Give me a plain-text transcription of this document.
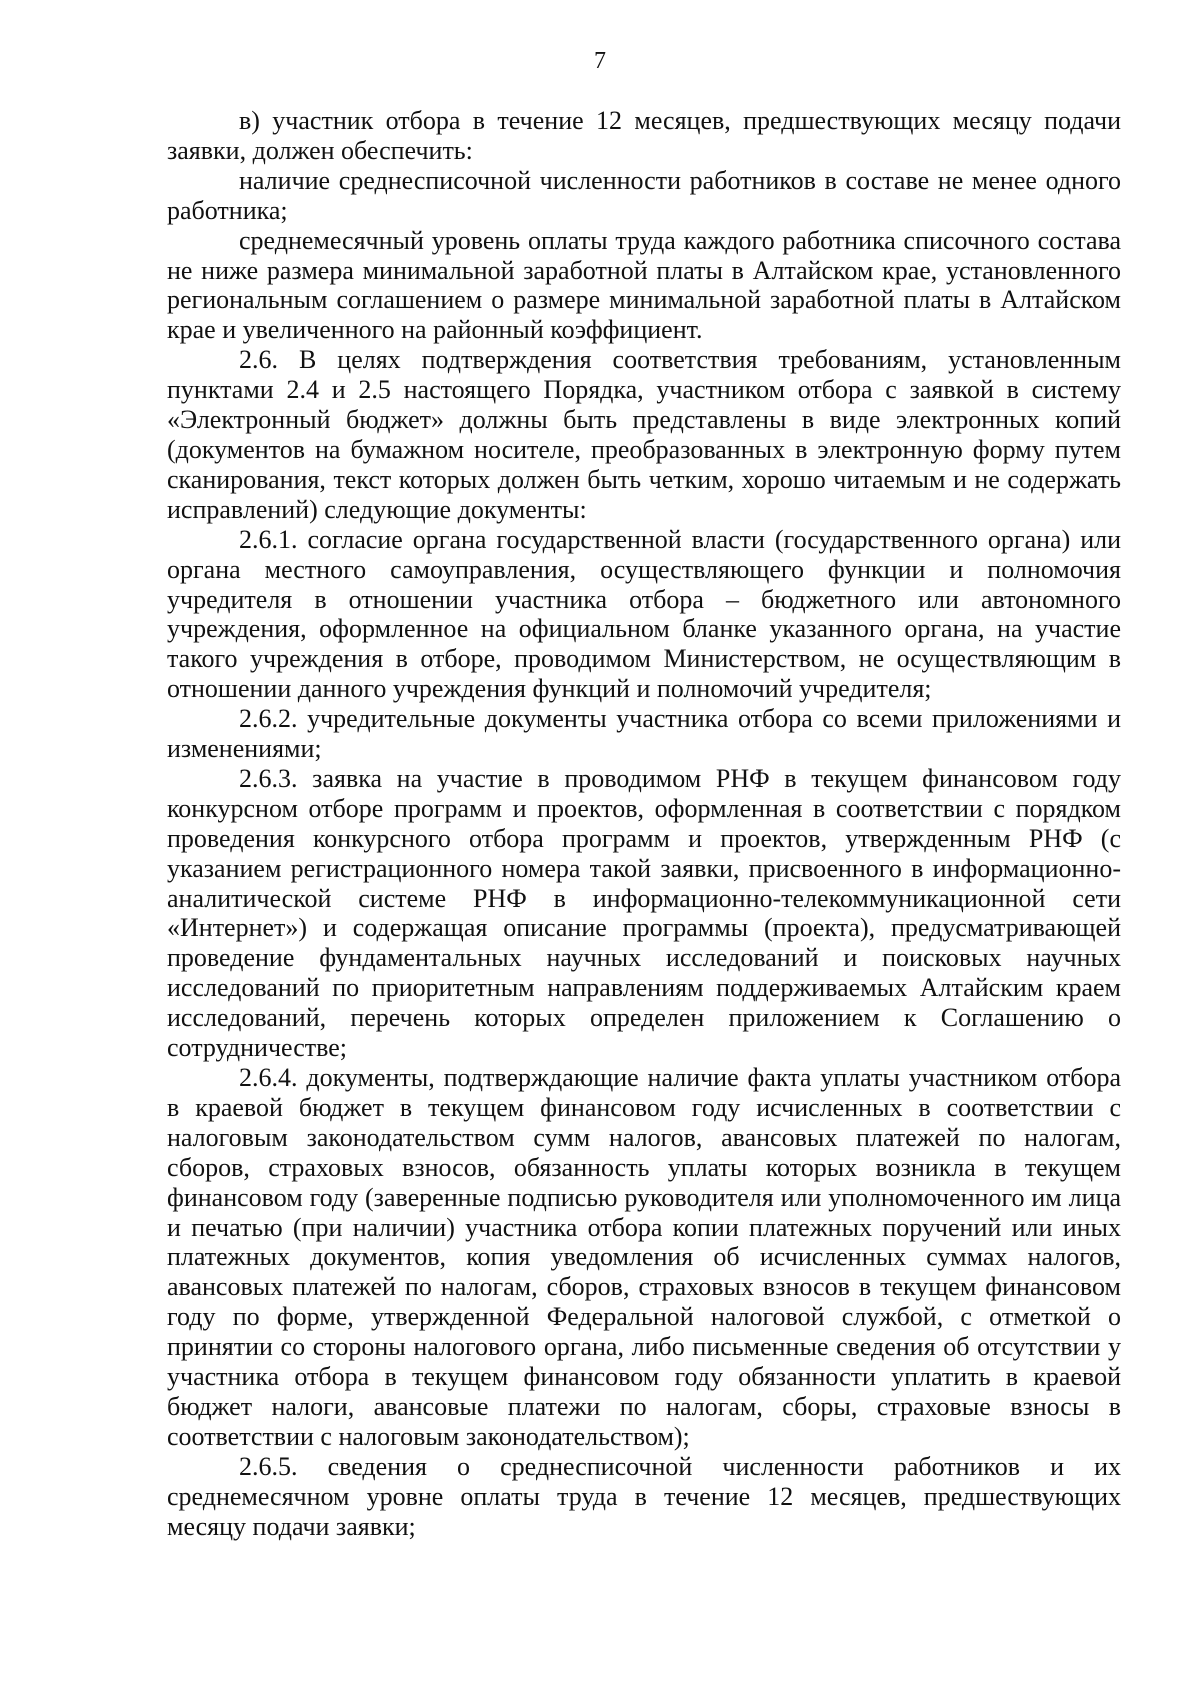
7

в) участник отбора в течение 12 месяцев, предшествующих месяцу подачи заявки, должен обеспечить:

наличие среднесписочной численности работников в составе не менее одного работника;

среднемесячный уровень оплаты труда каждого работника списочного состава не ниже размера минимальной заработной платы в Алтайском крае, установленного региональным соглашением о размере минимальной заработной платы в Алтайском крае и увеличенного на районный коэффициент.

2.6. В целях подтверждения соответствия требованиям, установленным пунктами 2.4 и 2.5 настоящего Порядка, участником отбора с заявкой в систему «Электронный бюджет» должны быть представлены в виде электронных копий (документов на бумажном носителе, преобразованных в электронную форму путем сканирования, текст которых должен быть четким, хорошо читаемым и не содержать исправлений) следующие документы:

2.6.1. согласие органа государственной власти (государственного органа) или органа местного самоуправления, осуществляющего функции и полномочия учредителя в отношении участника отбора – бюджетного или автономного учреждения, оформленное на официальном бланке указанного органа, на участие такого учреждения в отборе, проводимом Министерством, не осуществляющим в отношении данного учреждения функций и полномочий учредителя;

2.6.2. учредительные документы участника отбора со всеми приложениями и изменениями;

2.6.3. заявка на участие в проводимом РНФ в текущем финансовом году конкурсном отборе программ и проектов, оформленная в соответствии с порядком проведения конкурсного отбора программ и проектов, утвержденным РНФ (с указанием регистрационного номера такой заявки, присвоенного в информационно-аналитической системе РНФ в информационно-телекоммуникационной сети «Интернет») и содержащая описание программы (проекта), предусматривающей проведение фундаментальных научных исследований и поисковых научных исследований по приоритетным направлениям поддерживаемых Алтайским краем исследований, перечень которых определен приложением к Соглашению о сотрудничестве;

2.6.4. документы, подтверждающие наличие факта уплаты участником отбора в краевой бюджет в текущем финансовом году исчисленных в соответствии с налоговым законодательством сумм налогов, авансовых платежей по налогам, сборов, страховых взносов, обязанность уплаты которых возникла в текущем финансовом году (заверенные подписью руководителя или уполномоченного им лица и печатью (при наличии) участника отбора копии платежных поручений или иных платежных документов, копия уведомления об исчисленных суммах налогов, авансовых платежей по налогам, сборов, страховых взносов в текущем финансовом году по форме, утвержденной Федеральной налоговой службой, с отметкой о принятии со стороны налогового органа, либо письменные сведения об отсутствии у участника отбора в текущем финансовом году обязанности уплатить в краевой бюджет налоги, авансовые платежи по налогам, сборы, страховые взносы в соответствии с налоговым законодательством);

2.6.5. сведения о среднесписочной численности работников и их среднемесячном уровне оплаты труда в течение 12 месяцев, предшествующих месяцу подачи заявки;
